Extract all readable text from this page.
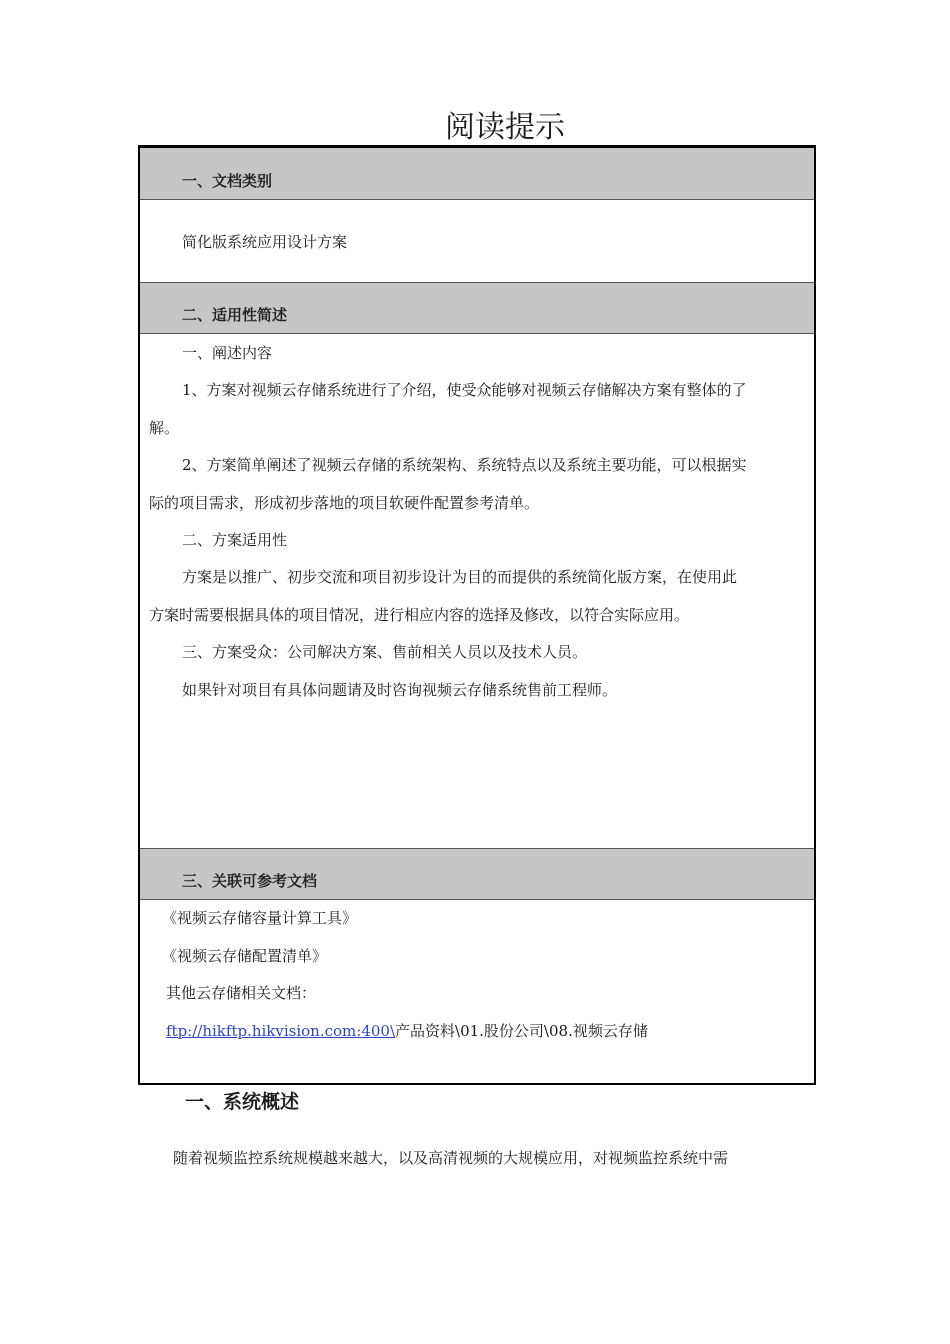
阅读提示
一、文档类别

简化版系统应用设计方案

二、适用性简述

一、阐述内容

1、方案对视频云存储系统进行了介绍，使受众能够对视频云存储解决方案有整体的了

解。

2、方案简单阐述了视频云存储的系统架构、系统特点以及系统主要功能，可以根据实

际的项目需求，形成初步落地的项目软硬件配置参考清单。

二、方案适用性

方案是以推广、初步交流和项目初步设计为目的而提供的系统简化版方案，在使用此

方案时需要根据具体的项目情况，进行相应内容的选择及修改，以符合实际应用。

三、方案受众：公司解决方案、售前相关人员以及技术人员。

如果针对项目有具体问题请及时咨询视频云存储系统售前工程师。

三、关联可参考文档

《视频云存储容量计算工具》

《视频云存储配置清单》

其他云存储相关文档：

ftp://hikftp.hikvision.com:400\产品资料\01.股份公司\08.视频云存储

一、系统概述

随着视频监控系统规模越来越大，以及高清视频的大规模应用，对视频监控系统中需
